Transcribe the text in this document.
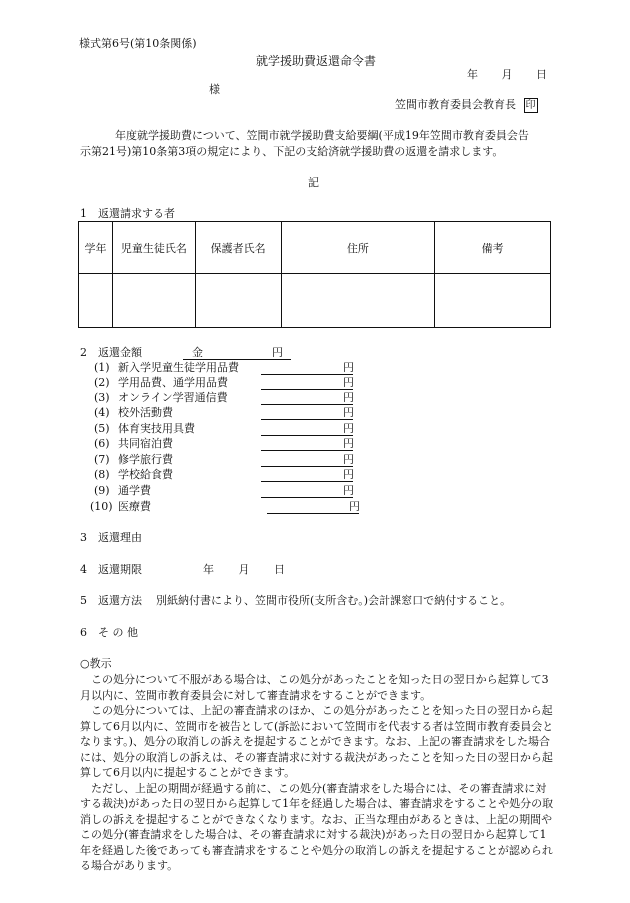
様式第6号(第10条関係)
就学援助費返還命令書
年 月 日
様
笠間市教育委員会教育長 印
年度就学援助費について、笠間市就学援助費支給要綱(平成19年笠間市教育委員会告
示第21号)第10条第3項の規定により、下記の支給済就学援助費の返還を請求します。
記
1　返還請求する者
学年	児童生徒氏名	保護者氏名	住所	備考

2　返還金額	金	円
(1) 新入学児童生徒学用品費	円
(2) 学用品費、通学用品費	円
(3) オンライン学習通信費	円
(4) 校外活動費	円
(5) 体育実技用具費	円
(6) 共同宿泊費	円
(7) 修学旅行費	円
(8) 学校給食費	円
(9) 通学費	円
(10) 医療費	円
3　返還理由
4　返還期限	年 月 日
5　返還方法 別紙納付書により、笠間市役所(支所含む。)会計課窓口で納付すること。
6　そ の 他
○教示

この処分について不服がある場合は、この処分があったことを知った日の翌日から起算して3月以内に、笠間市教育委員会に対して審査請求をすることができます。

この処分については、上記の審査請求のほか、この処分があったことを知った日の翌日から起算して6月以内に、笠間市を被告として(訴訟において笠間市を代表する者は笠間市教育委員会となります。)、処分の取消しの訴えを提起することができます。なお、上記の審査請求をした場合には、処分の取消しの訴えは、その審査請求に対する裁決があったことを知った日の翌日から起算して6月以内に提起することができます。

ただし、上記の期間が経過する前に、この処分(審査請求をした場合には、その審査請求に対する裁決)があった日の翌日から起算して1年を経過した場合は、審査請求をすることや処分の取消しの訴えを提起することができなくなります。なお、正当な理由があるときは、上記の期間やこの処分(審査請求をした場合は、その審査請求に対する裁決)があった日の翌日から起算して1年を経過した後であっても審査請求をすることや処分の取消しの訴えを提起することが認められる場合があります。
